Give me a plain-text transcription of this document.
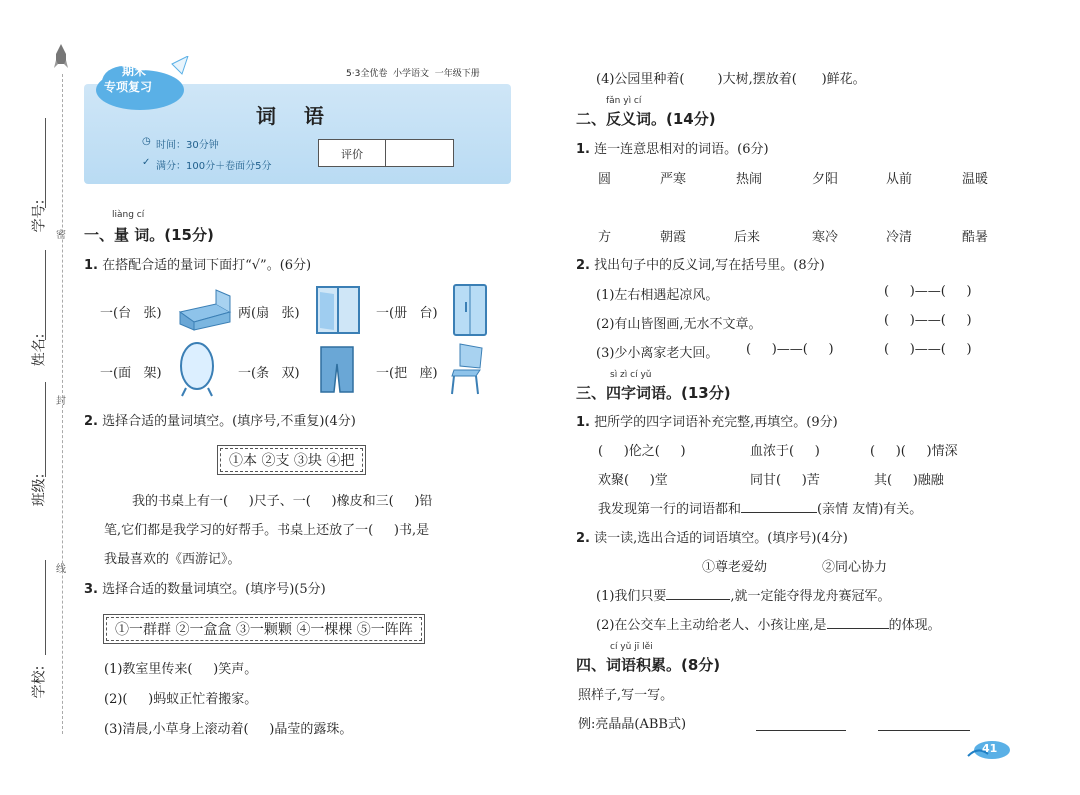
密
封
线
学号:
姓名:
班级:
学校:
期末
专项复习
5·3全优卷  小学语文  一年级下册
词    语
◷ 时间：30分钟
✓ 满分：100分＋卷面分5分
评价
liàng cí
一、量 词。(15分)
1. 在搭配合适的量词下面打“√”。(6分)
一(台   张)	两(扇   张)	一(册   台)
一(面   架)	一(条   双)	一(把   座)
2. 选择合适的量词填空。(填序号,不重复)(4分)
①本 ②支 ③块 ④把
我的书桌上有一(     )尺子、一(     )橡皮和三(     )铅
笔,它们都是我学习的好帮手。书桌上还放了一(     )书,是
我最喜欢的《西游记》。
3. 选择合适的数量词填空。(填序号)(5分)
①一群群 ②一盒盒 ③一颗颗 ④一棵棵 ⑤一阵阵
(1)教室里传来(     )笑声。
(2)(     )蚂蚁正忙着搬家。
(3)清晨,小草身上滚动着(     )晶莹的露珠。
(4)公园里种着(        )大树,摆放着(      )鲜花。
fǎn yì cí
二、反义词。(14分)
1. 连一连意思相对的词语。(6分)
圆	严寒	热闹	夕阳	从前	温暖
方	朝霞	后来	寒冷	冷清	酷暑
2. 找出句子中的反义词,写在括号里。(8分)
(1)左右相遇起凉风。	(     )——(     )
(2)有山皆图画,无水不文章。	(     )——(     )
(3)少小离家老大回。 (     )——(     )	(     )——(     )
sì zì cí yǔ
三、四字词语。(13分)
1. 把所学的四字词语补充完整,再填空。(9分)
(     )伦之(     )	血浓于(     )	(     )(     )情深
欢聚(     )堂	同甘(     )苦	其(     )融融
我发现第一行的词语都和	(亲情 友情)有关。
2. 读一读,选出合适的词语填空。(填序号)(4分)
①尊老爱幼	②同心协力
(1)我们只要	,就一定能夺得龙舟赛冠军。
(2)在公交车上主动给老人、小孩让座,是	的体现。
cí yǔ jī lěi
四、词语积累。(8分)
照样子,写一写。
例:亮晶晶(ABB式)
41
